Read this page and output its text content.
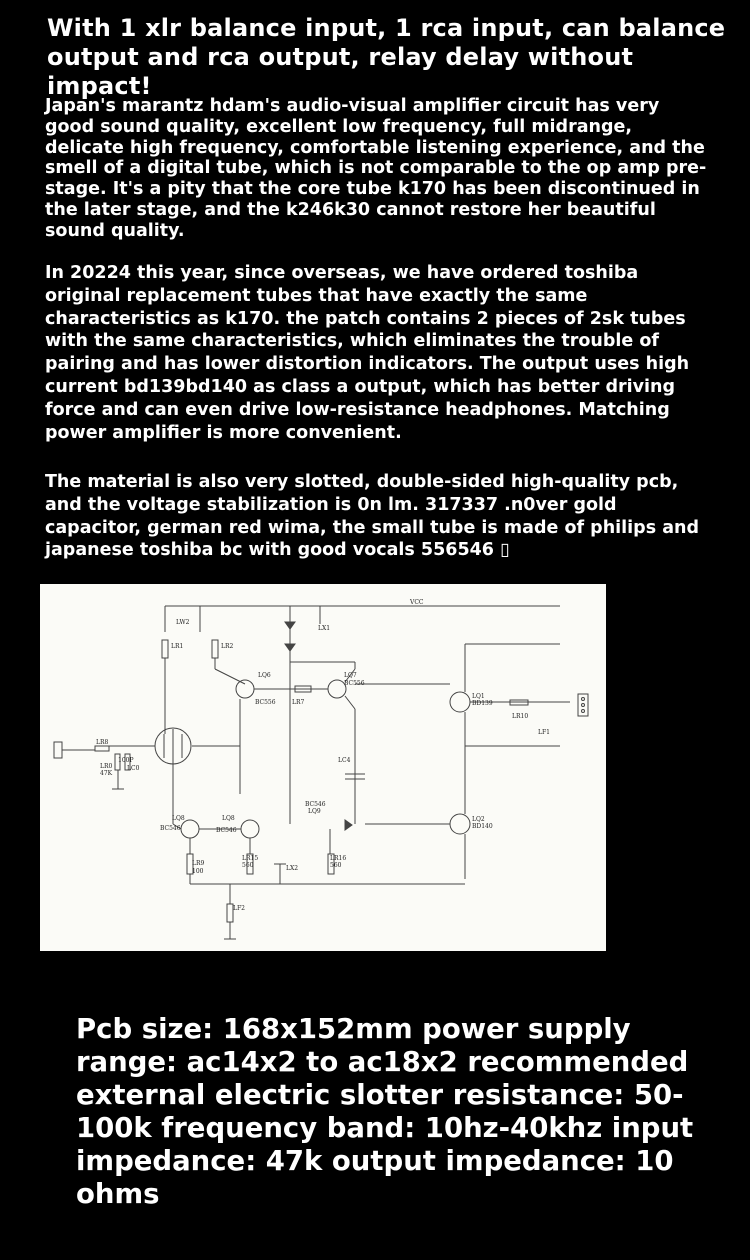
With 1 xlr balance input, 1 rca input, can balance output and rca output, relay delay without impact!
Japan's marantz hdam's audio-visual amplifier circuit has very good sound quality, excellent low frequency, full midrange, delicate high frequency, comfortable listening experience, and the smell of a digital tube, which is not comparable to the op amp pre-stage. It's a pity that the core tube k170 has been discontinued in the later stage, and the k246k30 cannot restore her beautiful sound quality.
In 20224 this year, since overseas, we have ordered toshiba original replacement tubes that have exactly the same characteristics as k170. the patch contains 2 pieces of 2sk tubes with the same characteristics, which eliminates the trouble of pairing and has lower distortion indicators. The output uses high current bd139bd140 as class a output, which has better driving force and can even drive low-resistance headphones. Matching power amplifier is more convenient.
The material is also very slotted, double-sided high-quality pcb, and the voltage stabilization is 0n lm. 317337 .n0ver gold capacitor, german red wima, the small tube is made of philips and japanese toshiba bc with good vocals 556546 ▯
LW2
LR1	LR2
LQ6	LQ7
BC556
BC556	LR7
LX1
VCC
LQ1
BD139
LR10
LF1
LC4
LR8
LR0
47K
100P
LC0
BC546
LQ9
LQ2
BD140
LQ8
BC546
LQ8
BC546
LR9
100
LR15
560
LR16
560
LX2
LF2
Pcb size: 168x152mm power supply range: ac14x2 to ac18x2 recommended external electric slotter resistance: 50-100k frequency band: 10hz-40khz input impedance: 47k output impedance: 10 ohms
